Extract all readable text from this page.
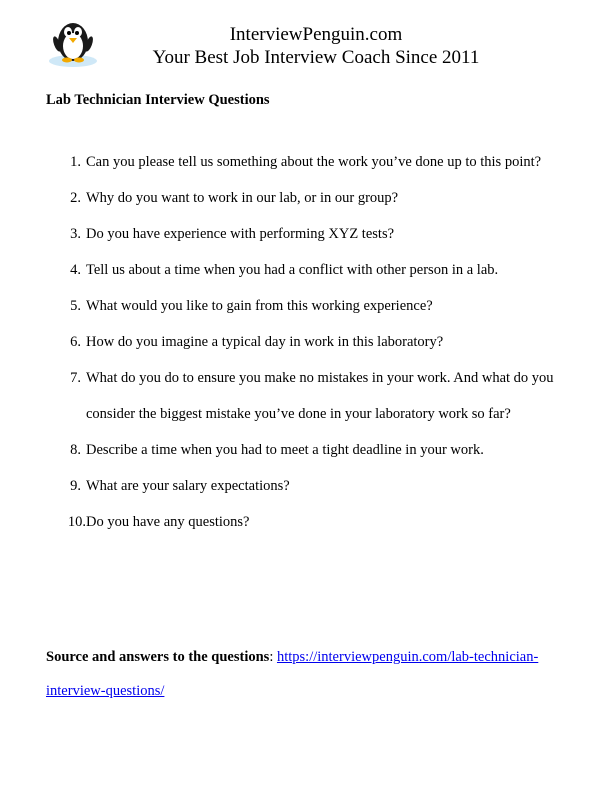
InterviewPenguin.com
Your Best Job Interview Coach Since 2011
Lab Technician Interview Questions
1. Can you please tell us something about the work you’ve done up to this point?
2. Why do you want to work in our lab, or in our group?
3. Do you have experience with performing XYZ tests?
4. Tell us about a time when you had a conflict with other person in a lab.
5. What would you like to gain from this working experience?
6. How do you imagine a typical day in work in this laboratory?
7. What do you do to ensure you make no mistakes in your work. And what do you consider the biggest mistake you’ve done in your laboratory work so far?
8. Describe a time when you had to meet a tight deadline in your work.
9. What are your salary expectations?
10. Do you have any questions?
Source and answers to the questions: https://interviewpenguin.com/lab-technician-interview-questions/
